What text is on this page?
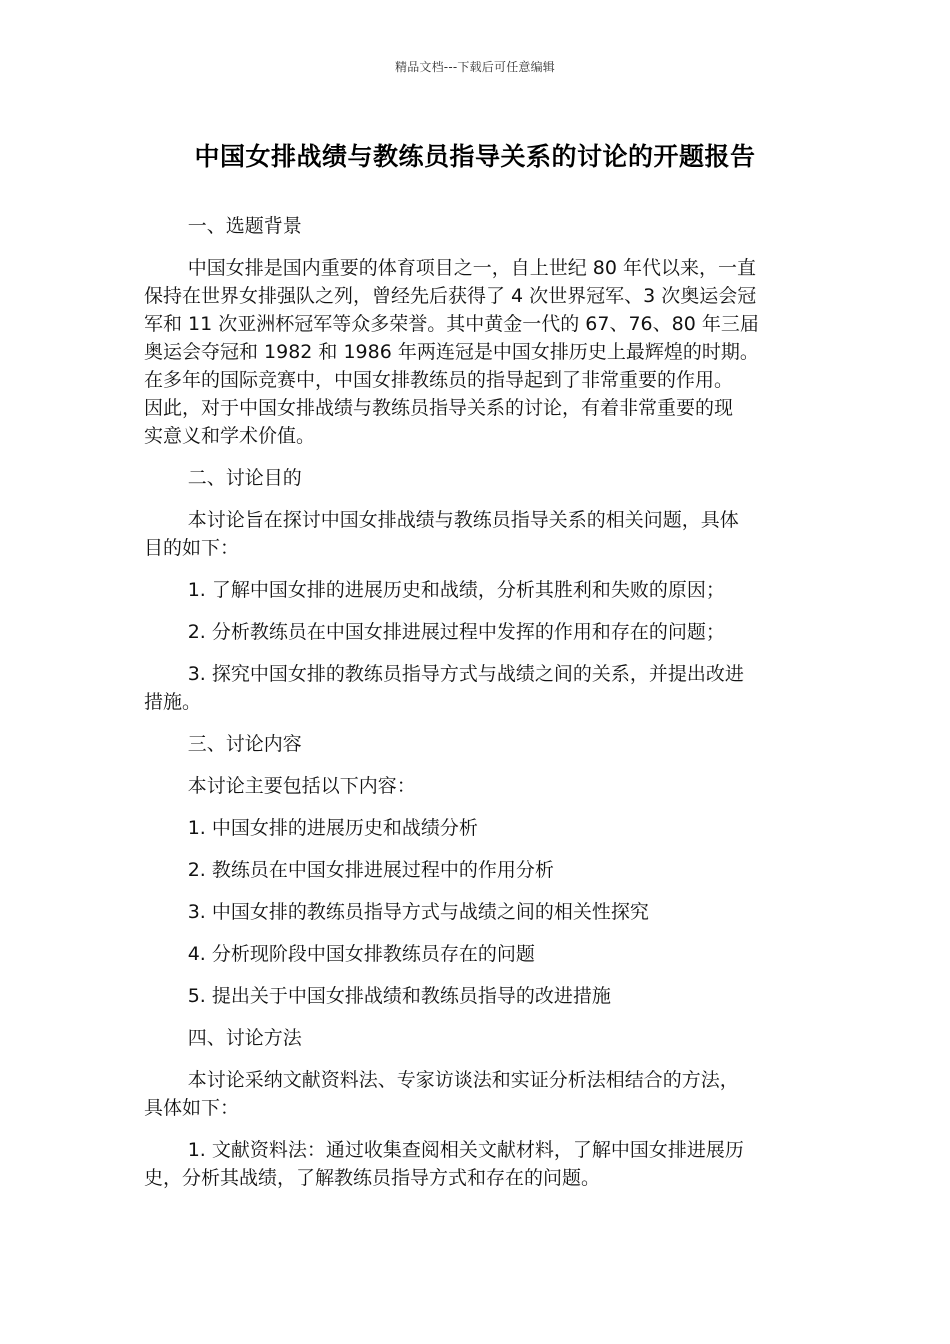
精品文档---下载后可任意编辑
中国女排战绩与教练员指导关系的讨论的开题报告

一、选题背景

中国女排是国内重要的体育项目之一，自上世纪 80 年代以来，一直
保持在世界女排强队之列，曾经先后获得了 4 次世界冠军、3 次奥运会冠
军和 11 次亚洲杯冠军等众多荣誉。其中黄金一代的 67、76、80 年三届
奥运会夺冠和 1982 和 1986 年两连冠是中国女排历史上最辉煌的时期。
在多年的国际竞赛中，中国女排教练员的指导起到了非常重要的作用。
因此，对于中国女排战绩与教练员指导关系的讨论，有着非常重要的现
实意义和学术价值。

二、讨论目的

本讨论旨在探讨中国女排战绩与教练员指导关系的相关问题，具体
目的如下：

1. 了解中国女排的进展历史和战绩，分析其胜利和失败的原因；

2. 分析教练员在中国女排进展过程中发挥的作用和存在的问题；

3. 探究中国女排的教练员指导方式与战绩之间的关系，并提出改进
措施。

三、讨论内容

本讨论主要包括以下内容：

1. 中国女排的进展历史和战绩分析

2. 教练员在中国女排进展过程中的作用分析

3. 中国女排的教练员指导方式与战绩之间的相关性探究

4. 分析现阶段中国女排教练员存在的问题

5. 提出关于中国女排战绩和教练员指导的改进措施

四、讨论方法

本讨论采纳文献资料法、专家访谈法和实证分析法相结合的方法，
具体如下：

1. 文献资料法：通过收集查阅相关文献材料，了解中国女排进展历
史，分析其战绩，了解教练员指导方式和存在的问题。
